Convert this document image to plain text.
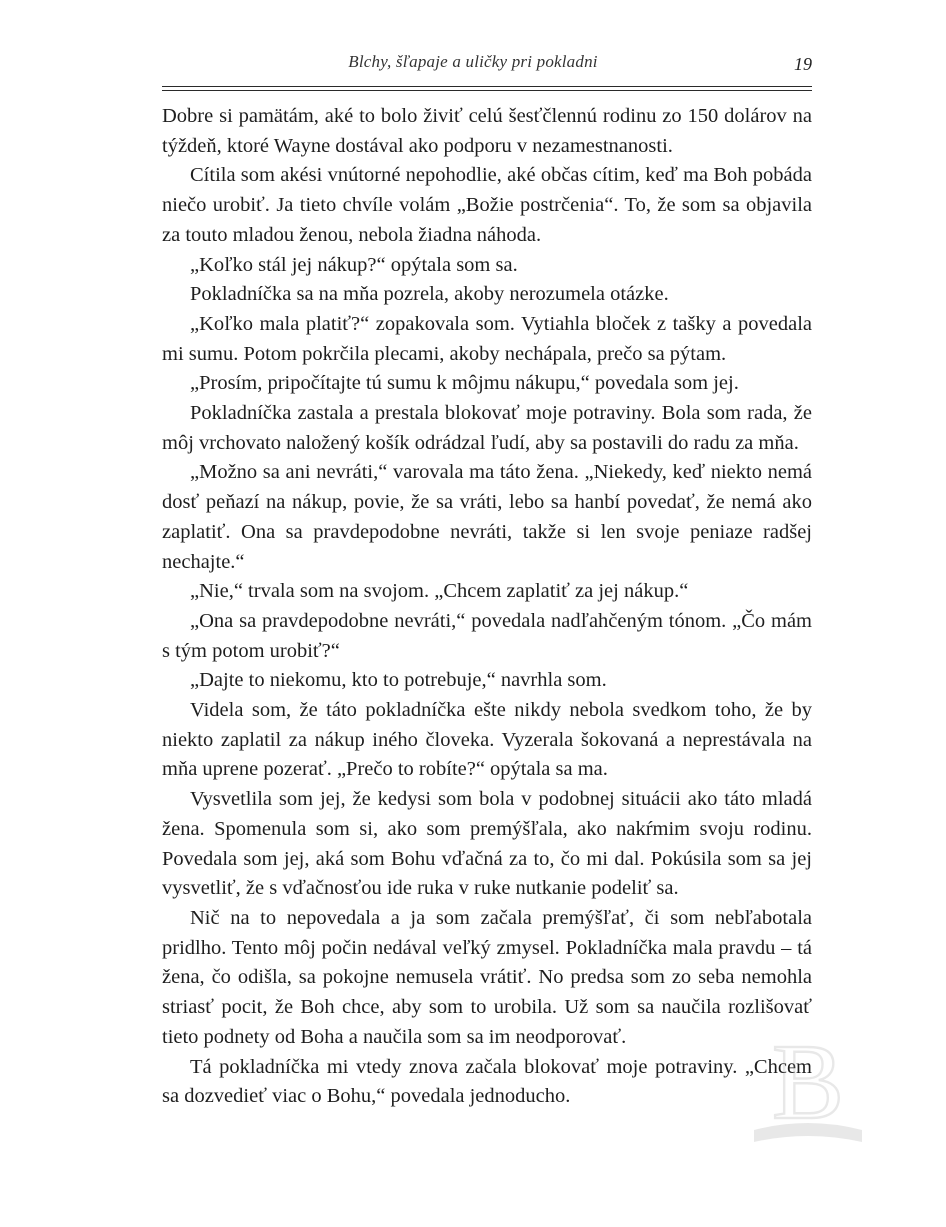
Blchy, šľapaje a uličky pri pokladni	19

Dobre si pamätám, aké to bolo živiť celú šesťčlennú rodinu zo 150 dolárov na týždeň, ktoré Wayne dostával ako podporu v nezamestnanosti.

Cítila som akési vnútorné nepohodlie, aké občas cítim, keď ma Boh pobáda niečo urobiť. Ja tieto chvíle volám „Božie postrčenia“. To, že som sa objavila za touto mladou ženou, nebola žiadna náhoda.

„Koľko stál jej nákup?“ opýtala som sa.

Pokladníčka sa na mňa pozrela, akoby nerozumela otázke.

„Koľko mala platiť?“ zopakovala som. Vytiahla bloček z tašky a povedala mi sumu. Potom pokrčila plecami, akoby nechápala, prečo sa pýtam.

„Prosím, pripočítajte tú sumu k môjmu nákupu,“ povedala som jej.

Pokladníčka zastala a prestala blokovať moje potraviny. Bola som rada, že môj vrchovato naložený košík odrádzal ľudí, aby sa postavili do radu za mňa.

„Možno sa ani nevráti,“ varovala ma táto žena. „Niekedy, keď niekto nemá dosť peňazí na nákup, povie, že sa vráti, lebo sa hanbí povedať, že nemá ako zaplatiť. Ona sa pravdepodobne nevráti, takže si len svoje peniaze radšej nechajte.“

„Nie,“ trvala som na svojom. „Chcem zaplatiť za jej nákup.“

„Ona sa pravdepodobne nevráti,“ povedala nadľahčeným tónom. „Čo mám s tým potom urobiť?“

„Dajte to niekomu, kto to potrebuje,“ navrhla som.

Videla som, že táto pokladníčka ešte nikdy nebola svedkom toho, že by niekto zaplatil za nákup iného človeka. Vyzerala šokovaná a neprestávala na mňa uprene pozerať. „Prečo to robíte?“ opýtala sa ma.

Vysvetlila som jej, že kedysi som bola v podobnej situácii ako táto mladá žena. Spomenula som si, ako som premýšľala, ako nakŕmim svoju rodinu. Povedala som jej, aká som Bohu vďačná za to, čo mi dal. Pokúsila som sa jej vysvetliť, že s vďačnosťou ide ruka v ruke nutkanie podeliť sa.

Nič na to nepovedala a ja som začala premýšľať, či som nebľabotala pridlho. Tento môj počin nedával veľký zmysel. Pokladníčka mala pravdu – tá žena, čo odišla, sa pokojne nemusela vrátiť. No predsa som zo seba nemohla striasť pocit, že Boh chce, aby som to urobila. Už som sa naučila rozlišovať tieto podnety od Boha a naučila som sa im neodporovať.

Tá pokladníčka mi vtedy znova začala blokovať moje potraviny. „Chcem sa dozvedieť viac o Bohu,“ povedala jednoducho.	B
